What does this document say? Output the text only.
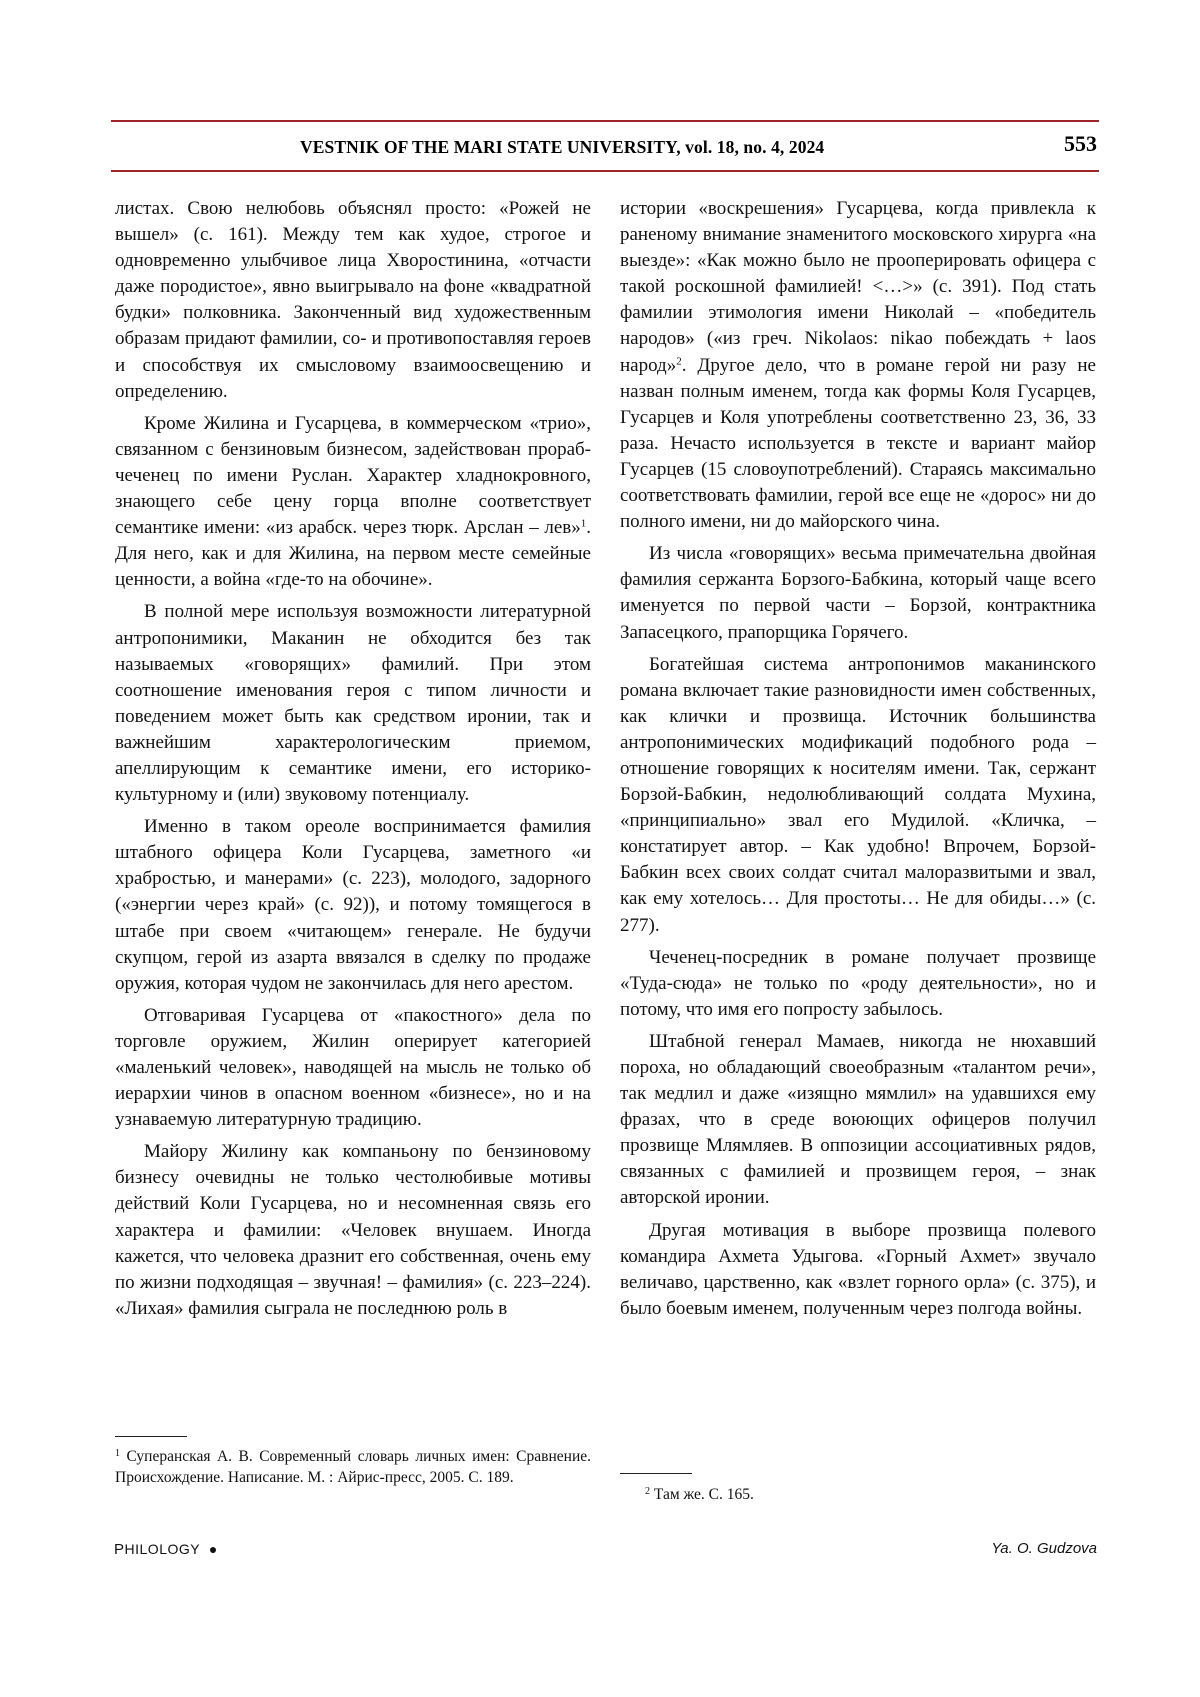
VESTNIK OF THE MARI STATE UNIVERSITY, vol. 18, no. 4, 2024	553

листах. Свою нелюбовь объяснял просто: «Рожей не вышел» (с. 161). Между тем как худое, строгое и одновременно улыбчивое лица Хворостинина, «отчасти даже породистое», явно выигрывало на фоне «квадратной будки» полковника. Законченный вид художественным образам придают фамилии, со- и противопоставляя героев и способствуя их смысловому взаимоосвещению и определению.

Кроме Жилина и Гусарцева, в коммерческом «трио», связанном с бензиновым бизнесом, задействован прораб-чеченец по имени Руслан. Характер хладнокровного, знающего себе цену горца вполне соответствует семантике имени: «из арабск. через тюрк. Арслан – лев»$^1$. Для него, как и для Жилина, на первом месте семейные ценности, а война «где-то на обочине».

В полной мере используя возможности литературной антропонимики, Маканин не обходится без так называемых «говорящих» фамилий. При этом соотношение именования героя с типом личности и поведением может быть как средством иронии, так и важнейшим характерологическим приемом, апеллирующим к семантике имени, его историко-культурному и (или) звуковому потенциалу.

Именно в таком ореоле воспринимается фамилия штабного офицера Коли Гусарцева, заметного «и храбростью, и манерами» (с. 223), молодого, задорного («энергии через край» (с. 92)), и потому томящегося в штабе при своем «читающем» генерале. Не будучи скупцом, герой из азарта ввязался в сделку по продаже оружия, которая чудом не закончилась для него арестом.

Отговаривая Гусарцева от «пакостного» дела по торговле оружием, Жилин оперирует категорией «маленький человек», наводящей на мысль не только об иерархии чинов в опасном военном «бизнесе», но и на узнаваемую литературную традицию.

Майору Жилину как компаньону по бензиновому бизнесу очевидны не только честолюбивые мотивы действий Коли Гусарцева, но и несомненная связь его характера и фамилии: «Человек внушаем. Иногда кажется, что человека дразнит его собственная, очень ему по жизни подходящая – звучная! – фамилия» (с. 223–224). «Лихая» фамилия сыграла не последнюю роль в

истории «воскрешения» Гусарцева, когда привлекла к раненому внимание знаменитого московского хирурга «на выезде»: «Как можно было не прооперировать офицера с такой роскошной фамилией! <…>» (с. 391). Под стать фамилии этимология имени Николай – «победитель народов» («из греч. Nikolaos: nikao побеждать + laos народ»$^2$. Другое дело, что в романе герой ни разу не назван полным именем, тогда как формы Коля Гусарцев, Гусарцев и Коля употреблены соответственно 23, 36, 33 раза. Нечасто используется в тексте и вариант майор Гусарцев (15 словоупотреблений). Стараясь максимально соответствовать фамилии, герой все еще не «дорос» ни до полного имени, ни до майорского чина.

Из числа «говорящих» весьма примечательна двойная фамилия сержанта Борзого-Бабкина, который чаще всего именуется по первой части – Борзой, контрактника Запасецкого, прапорщика Горячего.

Богатейшая система антропонимов маканинского романа включает такие разновидности имен собственных, как клички и прозвища. Источник большинства антропонимических модификаций подобного рода – отношение говорящих к носителям имени. Так, сержант Борзой-Бабкин, недолюбливающий солдата Мухина, «принципиально» звал его Мудилой. «Кличка, – констатирует автор. – Как удобно! Впрочем, Борзой-Бабкин всех своих солдат считал малоразвитыми и звал, как ему хотелось… Для простоты… Не для обиды…» (с. 277).

Чеченец-посредник в романе получает прозвище «Туда-сюда» не только по «роду деятельности», но и потому, что имя его попросту забылось.

Штабной генерал Мамаев, никогда не нюхавший пороха, но обладающий своеобразным «талантом речи», так медлил и даже «изящно мямлил» на удавшихся ему фразах, что в среде воюющих офицеров получил прозвище Млямляев. В оппозиции ассоциативных рядов, связанных с фамилией и прозвищем героя, – знак авторской иронии.

Другая мотивация в выборе прозвища полевого командира Ахмета Удыгова. «Горный Ахмет» звучало величаво, царственно, как «взлет горного орла» (с. 375), и было боевым именем, полученным через полгода войны.

$^1$ Суперанская А. В. Современный словарь личных имен: Сравнение. Происхождение. Написание. М. : Айрис-пресс, 2005. С. 189.
$^2$ Там же. С. 165.
PHILOLOGY ●	Ya. O. Gudzova
